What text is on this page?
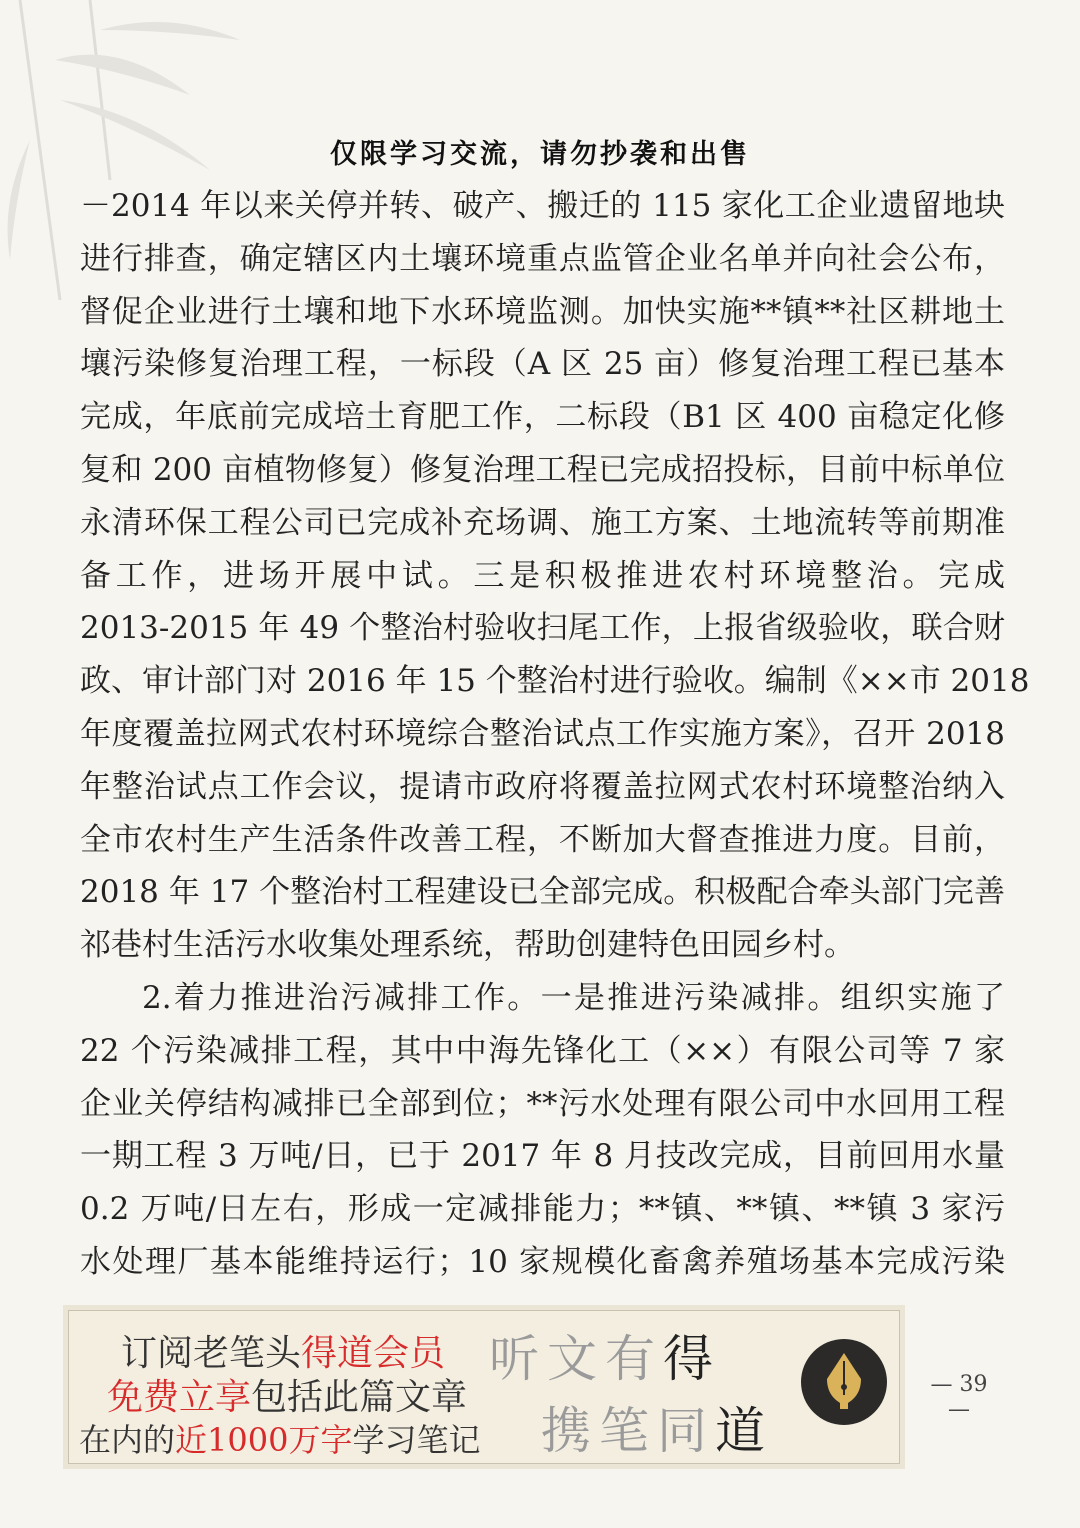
仅限学习交流，请勿抄袭和出售
－2014 年以来关停并转、破产、搬迁的 115 家化工企业遗留地块
进行排查，确定辖区内土壤环境重点监管企业名单并向社会公布，
督促企业进行土壤和地下水环境监测。加快实施**镇**社区耕地土
壤污染修复治理工程，一标段（A 区 25 亩）修复治理工程已基本
完成，年底前完成培土育肥工作，二标段（B1 区 400 亩稳定化修
复和 200 亩植物修复）修复治理工程已完成招投标，目前中标单位
永清环保工程公司已完成补充场调、施工方案、土地流转等前期准
备工作，进场开展中试。三是积极推进农村环境整治。完成
2013-2015 年 49 个整治村验收扫尾工作，上报省级验收，联合财
政、审计部门对 2016 年 15 个整治村进行验收。编制《××市 2018
年度覆盖拉网式农村环境综合整治试点工作实施方案》，召开 2018
年整治试点工作会议，提请市政府将覆盖拉网式农村环境整治纳入
全市农村生产生活条件改善工程，不断加大督查推进力度。目前，
2018 年 17 个整治村工程建设已全部完成。积极配合牵头部门完善
祁巷村生活污水收集处理系统，帮助创建特色田园乡村。
2.着力推进治污减排工作。一是推进污染减排。组织实施了
22 个污染减排工程，其中中海先锋化工（××）有限公司等 7 家
企业关停结构减排已全部到位；**污水处理有限公司中水回用工程
一期工程 3 万吨/日，已于 2017 年 8 月技改完成，目前回用水量
0.2 万吨/日左右，形成一定减排能力；**镇、**镇、**镇 3 家污
水处理厂基本能维持运行；10 家规模化畜禽养殖场基本完成污染
订阅老笔头得道会员
免费立享包括此篇文章
在内的近1000万字学习笔记
听文有得
携笔同道
— 39 —
